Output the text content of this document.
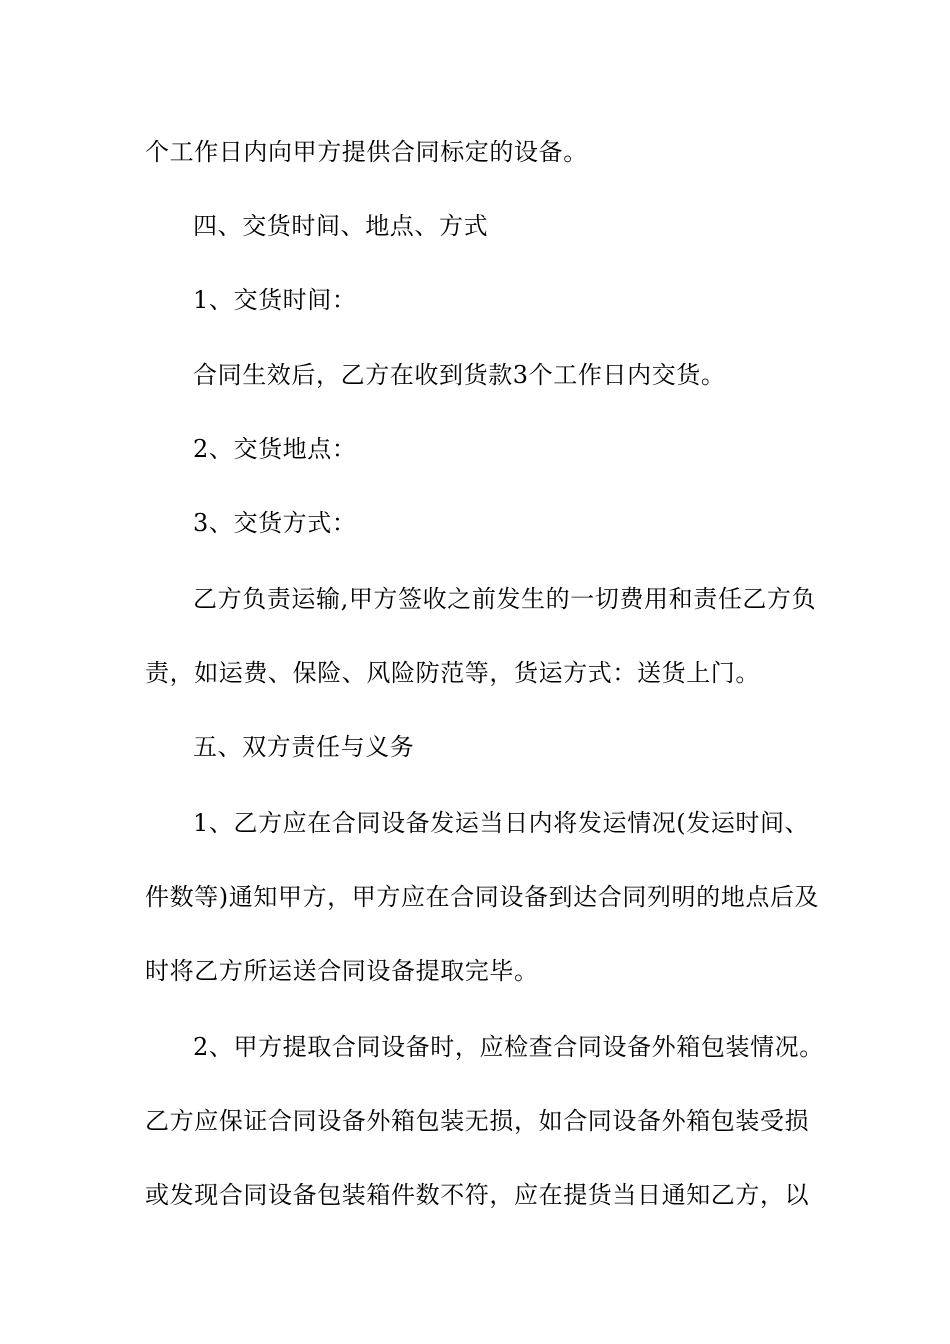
个工作日内向甲方提供合同标定的设备。
四、交货时间、地点、方式
1、交货时间：
合同生效后，乙方在收到货款3个工作日内交货。
2、交货地点：
3、交货方式：
乙方负责运输,甲方签收之前发生的一切费用和责任乙方负
责，如运费、保险、风险防范等，货运方式：送货上门。
五、双方责任与义务
1、乙方应在合同设备发运当日内将发运情况(发运时间、
件数等)通知甲方，甲方应在合同设备到达合同列明的地点后及
时将乙方所运送合同设备提取完毕。
2、甲方提取合同设备时，应检查合同设备外箱包装情况。
乙方应保证合同设备外箱包装无损，如合同设备外箱包装受损
或发现合同设备包装箱件数不符，应在提货当日通知乙方，以
